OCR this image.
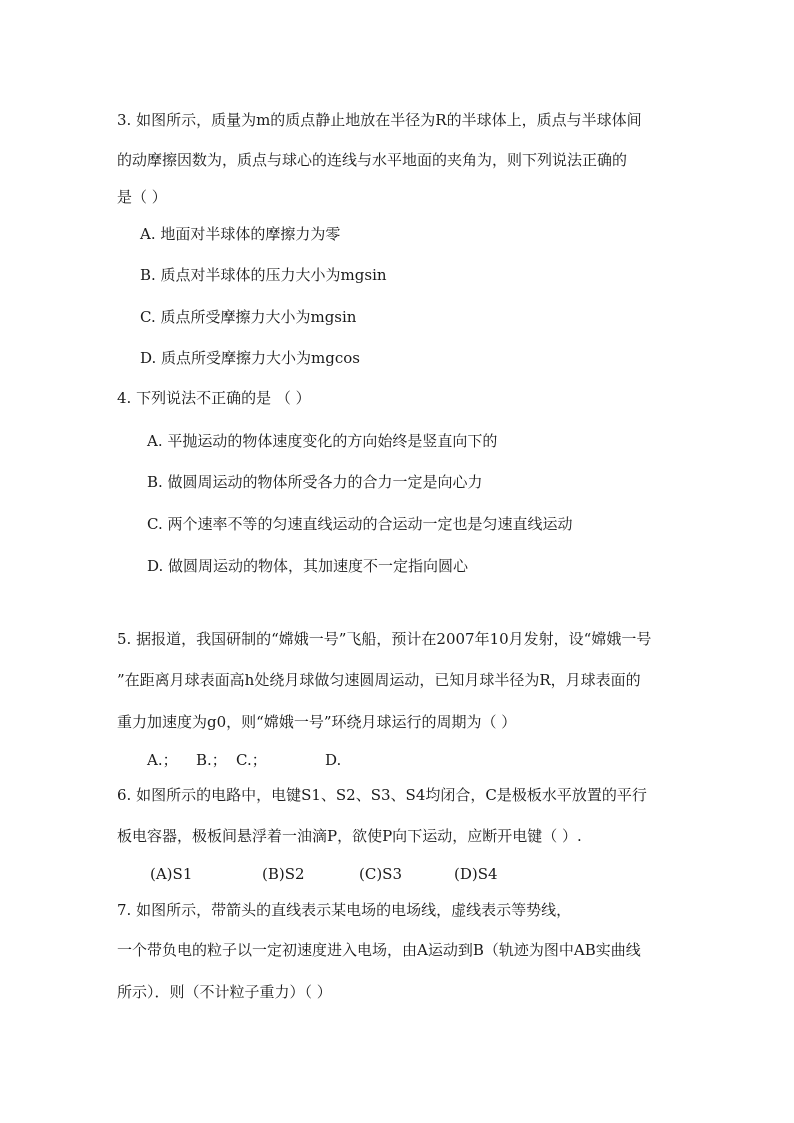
3. 如图所示，质量为m的质点静止地放在半径为R的半球体上，质点与半球体间
的动摩擦因数为，质点与球心的连线与水平地面的夹角为，则下列说法正确的
是（ ）
A. 地面对半球体的摩擦力为零
B. 质点对半球体的压力大小为mgsin
C. 质点所受摩擦力大小为mgsin
D. 质点所受摩擦力大小为mgcos
4. 下列说法不正确的是 （ ）
A. 平抛运动的物体速度变化的方向始终是竖直向下的
B. 做圆周运动的物体所受各力的合力一定是向心力
C. 两个速率不等的匀速直线运动的合运动一定也是匀速直线运动
D. 做圆周运动的物体，其加速度不一定指向圆心
5. 据报道，我国研制的“嫦娥一号”飞船，预计在2007年10月发射，设“嫦娥一号
”在距离月球表面高h处绕月球做匀速圆周运动，已知月球半径为R，月球表面的
重力加速度为g0，则“嫦娥一号”环绕月球运行的周期为（ ）
A.； B.； C.；	D.
6. 如图所示的电路中，电键S1、S2、S3、S4均闭合，C是极板水平放置的平行
板电容器，极板间悬浮着一油滴P，欲使P向下运动，应断开电键（ ）.
(A)S1	(B)S2	(C)S3	(D)S4
7. 如图所示，带箭头的直线表示某电场的电场线，虚线表示等势线，
一个带负电的粒子以一定初速度进入电场，由A运动到B（轨迹为图中AB实曲线
所示）．则（不计粒子重力）（ ）
